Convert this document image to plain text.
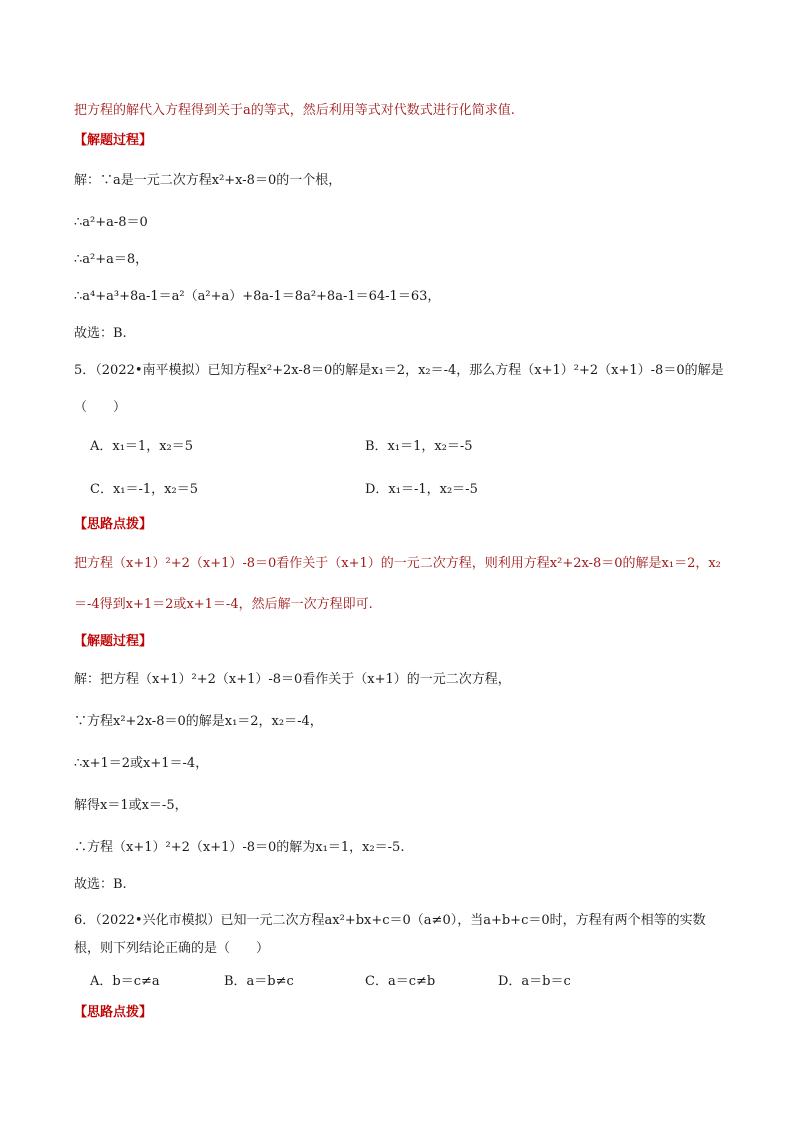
把方程的解代入方程得到关于a的等式，然后利用等式对代数式进行化简求值.
【解题过程】
解：∵a是一元二次方程x²+x-8＝0的一个根，
∴a²+a-8＝0
∴a²+a＝8，
∴a⁴+a³+8a-1＝a²（a²+a）+8a-1＝8a²+8a-1＝64-1＝63，
故选：B.
5．（2022•南平模拟）已知方程x²+2x-8＝0的解是x₁＝2，x₂＝-4，那么方程（x+1）²+2（x+1）-8＝0的解是
（　　）
A．x₁＝1，x₂＝5	B．x₁＝1，x₂＝-5
C．x₁＝-1，x₂＝5	D．x₁＝-1，x₂＝-5
【思路点拨】
把方程（x+1）²+2（x+1）-8＝0看作关于（x+1）的一元二次方程，则利用方程x²+2x-8＝0的解是x₁＝2，x₂
＝-4得到x+1＝2或x+1＝-4，然后解一次方程即可.
【解题过程】
解：把方程（x+1）²+2（x+1）-8＝0看作关于（x+1）的一元二次方程，
∵方程x²+2x-8＝0的解是x₁＝2，x₂＝-4，
∴x+1＝2或x+1＝-4，
解得x＝1或x＝-5，
∴方程（x+1）²+2（x+1）-8＝0的解为x₁＝1，x₂＝-5.
故选：B.
6．（2022•兴化市模拟）已知一元二次方程ax²+bx+c＝0（a≠0），当a+b+c＝0时，方程有两个相等的实数
根，则下列结论正确的是（　　）
A．b＝c≠a	B．a＝b≠c	C．a＝c≠b	D．a＝b＝c
【思路点拨】
